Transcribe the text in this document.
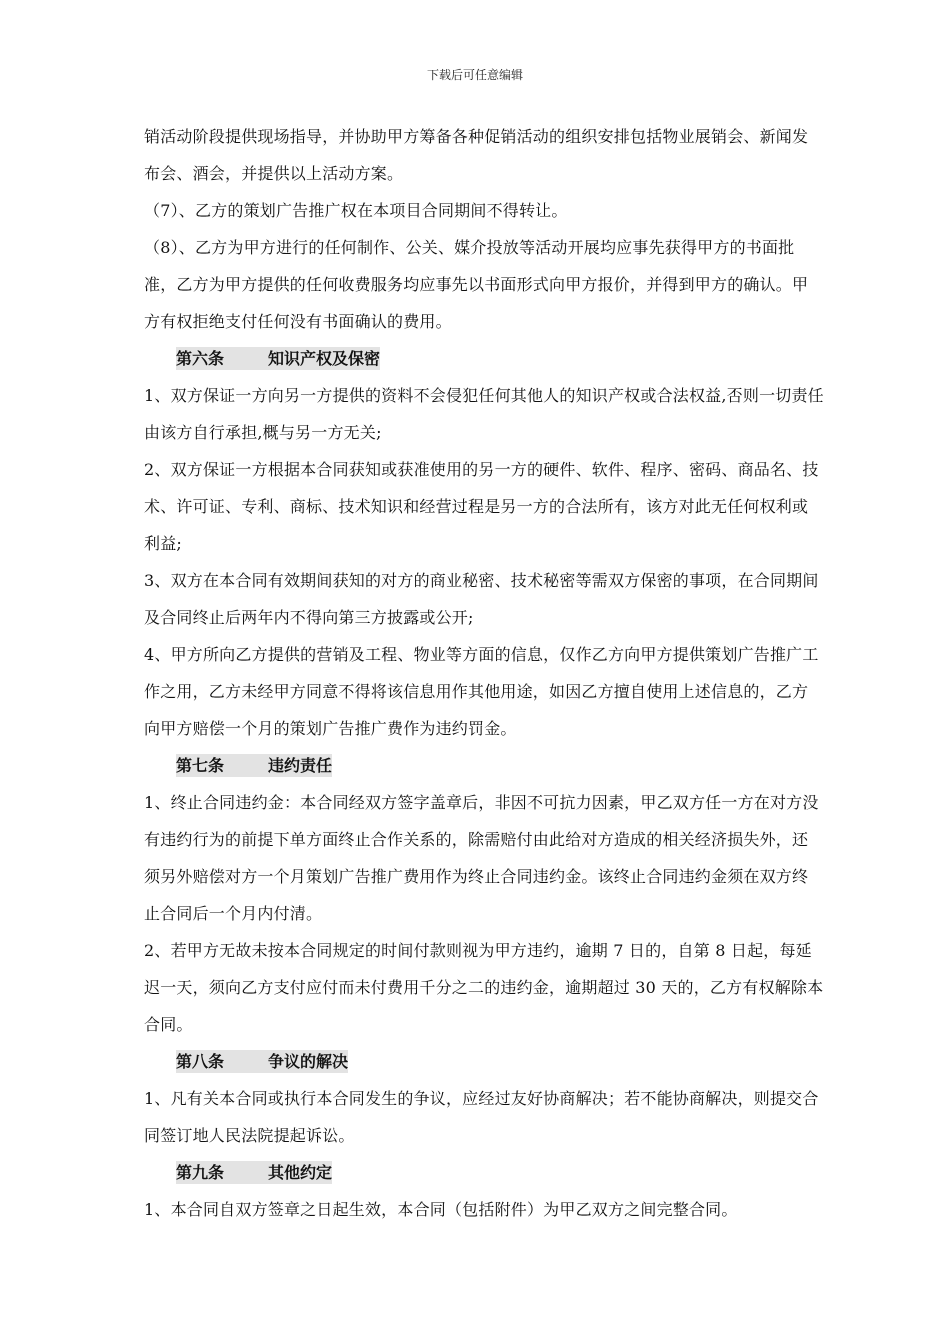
下载后可任意编辑

销活动阶段提供现场指导，并协助甲方筹备各种促销活动的组织安排包括物业展销会、新闻发布会、酒会，并提供以上活动方案。

（7）、乙方的策划广告推广权在本项目合同期间不得转让。

（8）、乙方为甲方进行的任何制作、公关、媒介投放等活动开展均应事先获得甲方的书面批准，乙方为甲方提供的任何收费服务均应事先以书面形式向甲方报价，并得到甲方的确认。甲方有权拒绝支付任何没有书面确认的费用。

第六条	知识产权及保密

1、双方保证一方向另一方提供的资料不会侵犯任何其他人的知识产权或合法权益,否则一切责任由该方自行承担,概与另一方无关;

2、双方保证一方根据本合同获知或获准使用的另一方的硬件、软件、程序、密码、商品名、技术、许可证、专利、商标、技术知识和经营过程是另一方的合法所有，该方对此无任何权利或利益;

3、双方在本合同有效期间获知的对方的商业秘密、技术秘密等需双方保密的事项，在合同期间及合同终止后两年内不得向第三方披露或公开;

4、甲方所向乙方提供的营销及工程、物业等方面的信息，仅作乙方向甲方提供策划广告推广工作之用，乙方未经甲方同意不得将该信息用作其他用途，如因乙方擅自使用上述信息的，乙方向甲方赔偿一个月的策划广告推广费作为违约罚金。

第七条	违约责任

1、终止合同违约金：本合同经双方签字盖章后，非因不可抗力因素，甲乙双方任一方在对方没有违约行为的前提下单方面终止合作关系的，除需赔付由此给对方造成的相关经济损失外，还须另外赔偿对方一个月策划广告推广费用作为终止合同违约金。该终止合同违约金须在双方终止合同后一个月内付清。

2、若甲方无故未按本合同规定的时间付款则视为甲方违约，逾期 7 日的，自第 8 日起，每延迟一天，须向乙方支付应付而未付费用千分之二的违约金，逾期超过 30 天的，乙方有权解除本合同。

第八条	争议的解决

1、凡有关本合同或执行本合同发生的争议，应经过友好协商解决；若不能协商解决，则提交合同签订地人民法院提起诉讼。

第九条	其他约定

1、本合同自双方签章之日起生效，本合同（包括附件）为甲乙双方之间完整合同。
